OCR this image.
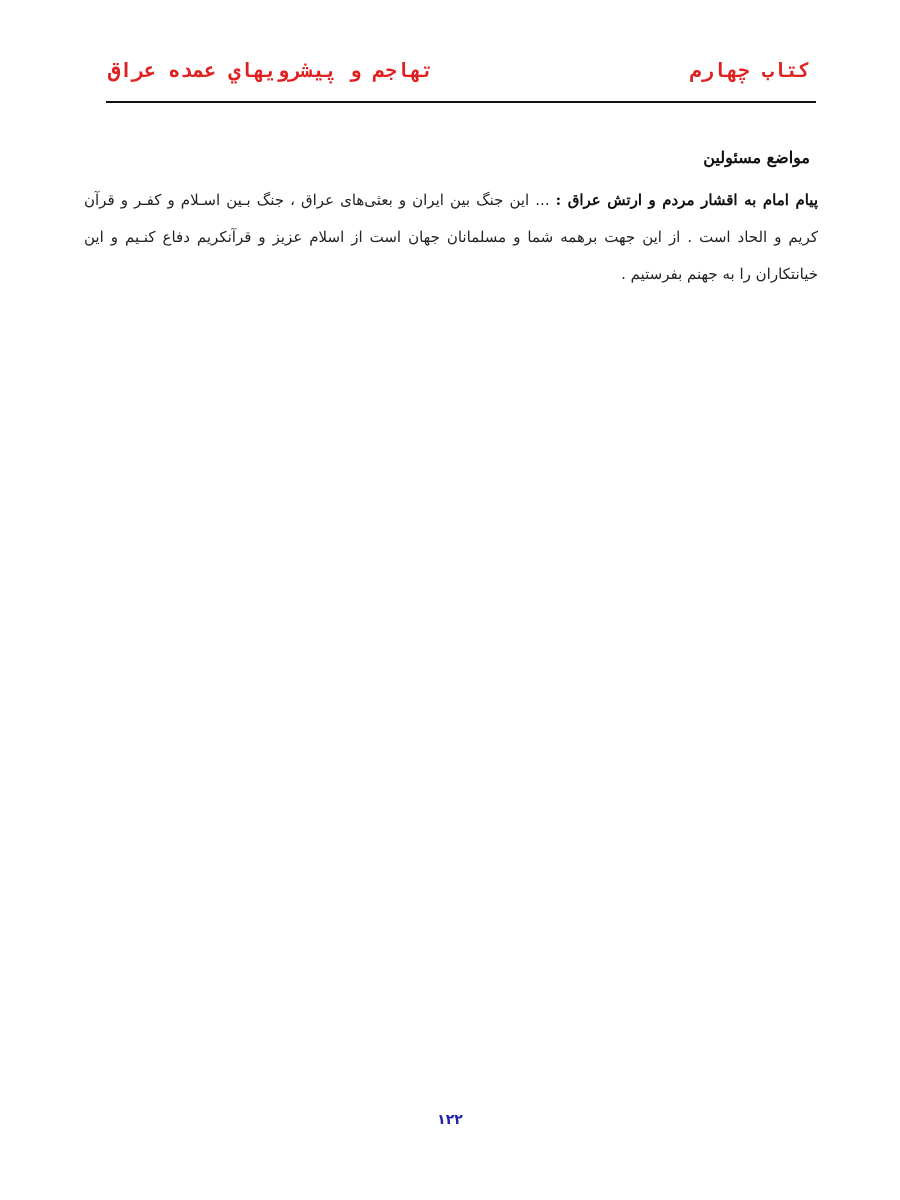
كتاب چهارم
تهاجم و پيشرويهاي عمده عراق
مواضع مسئولین

پیام امام به اقشار مردم و ارتش عراق : ... این جنگ بین ایران و بعثی‌های عراق ، جنگ بـین اسـلام و کفـر و قرآن کریم و الحاد است . از این جهت برهمه شما و مسلمانان جهان است از اسلام عزیز و قرآنکریم دفاع کنـیم و این خیانتکاران را به جهنم بفرستیم .

۱۲۲
